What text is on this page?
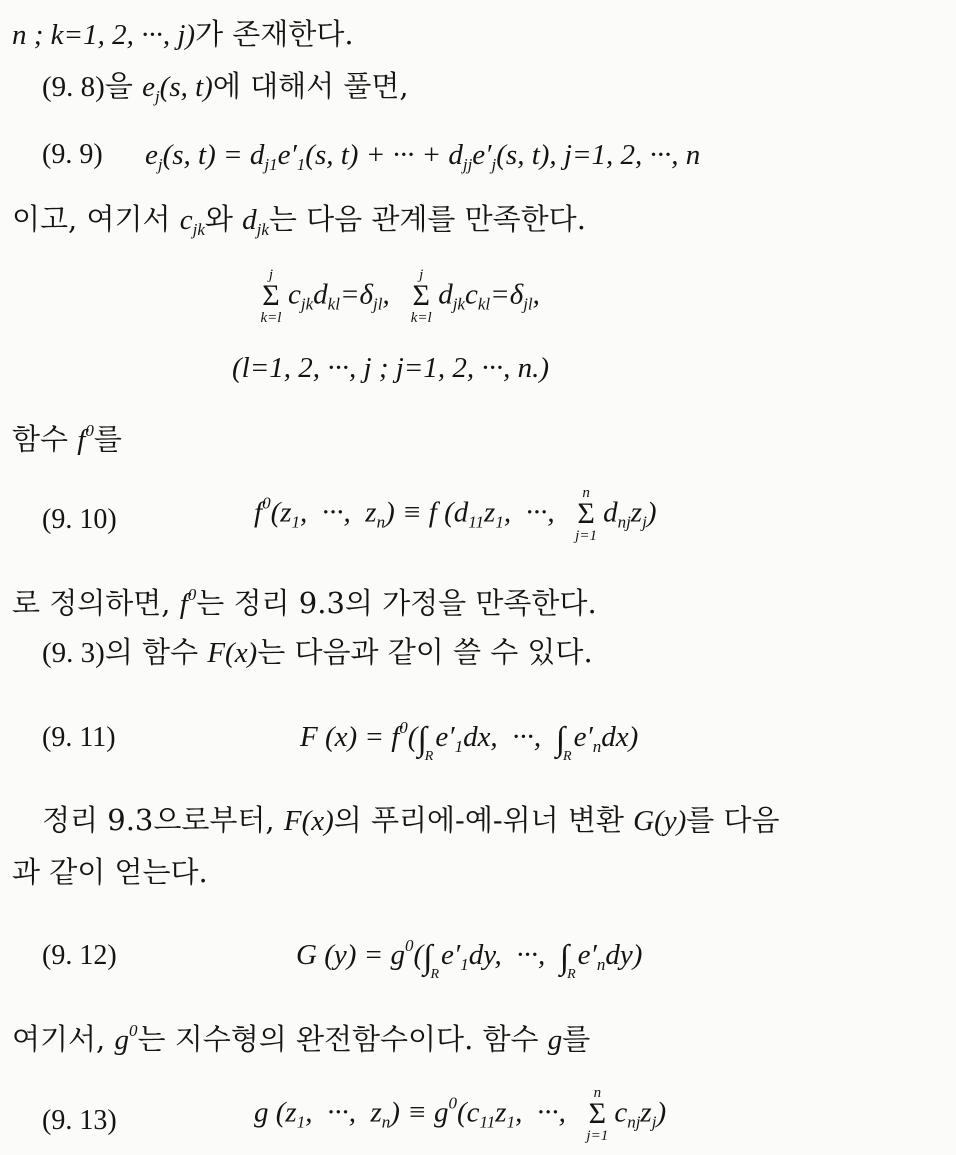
n ; k=1, 2, ···, j)가 존재한다.
(9. 8)을 $e_j(s$, t)에 대해서 풀면,
(9. 9) $e_j(s$, $t) = d_{j1}e'_1(s$, t) + ··· + $d_{jj}e'_j(s$, t), j=1, 2, ···, n
이고, 여기서 $c_{jk}$와 $d_{jk}$는 다음 관계를 만족한다.
j
Σ
k=l
$c_{jk}d_{kl}=\delta_{jl}$,
j
Σ
k=l
$d_{jk}c_{kl}=\delta_{jl}$,
(l=1, 2, ···, j ; j=1, 2, ···, n.)
함수 $f^0$를
(9. 10)	$f^0(z_1$,  ···,  $z_n) \equiv f$ ($d_{11}z_1$,  ···,
n
Σ
j=1
$d_{nj}z_j$)
로 정의하면, $f^0$는 정리 9.3의 가정을 만족한다.
(9. 3)의 함수 F(x)는 다음과 같이 쓸 수 있다.
(9. 11)	F $(x) = f^0(\int_Re'_1dx$,  ···,  $\int_Re'_ndx$)
정리 9.3으로부터, F(x)의 푸리에-예-위너 변환 G(y)를 다음
과 같이 얻는다.
(9. 12)	G $(y) = g^0(\int_Re'_1dy$,  ···,  $\int_Re'_ndy$)
여기서, $g^0$는 지수형의 완전함수이다. 함수 g를
(9. 13)	g ($z_1$,  ···,  $z_n) \equiv g^0(c_{11}z_1$,  ···,
n
Σ
j=1
$c_{nj}z_j$)
